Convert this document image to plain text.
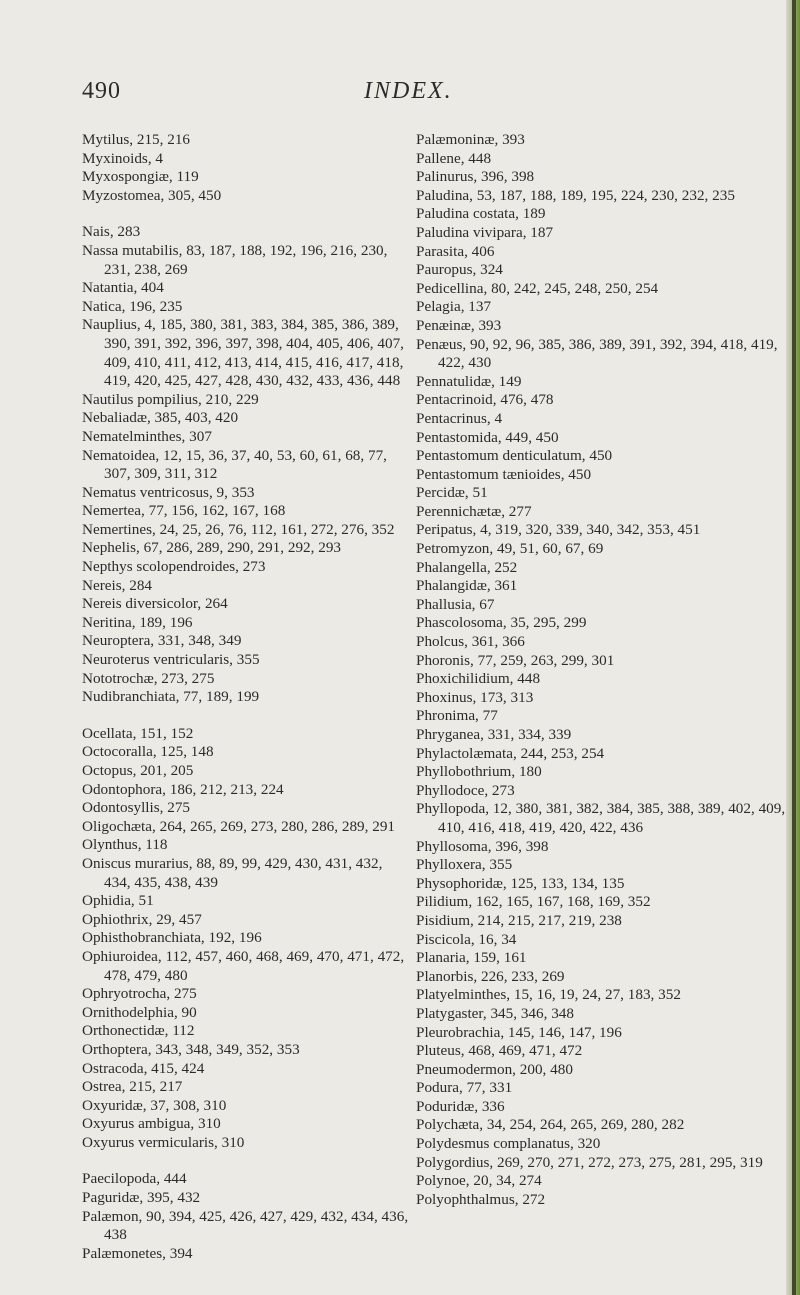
490	INDEX.
Mytilus, 215, 216
Myxinoids, 4
Myxospongiæ, 119
Myzostomea, 305, 450
Nais, 283
Nassa mutabilis, 83, 187, 188, 192, 196, 216, 230, 231, 238, 269
Natantia, 404
Natica, 196, 235
Nauplius, 4, 185, 380, 381, 383, 384, 385, 386, 389, 390, 391, 392, 396, 397, 398, 404, 405, 406, 407, 409, 410, 411, 412, 413, 414, 415, 416, 417, 418, 419, 420, 425, 427, 428, 430, 432, 433, 436, 448
Nautilus pompilius, 210, 229
Nebaliadæ, 385, 403, 420
Nematelminthes, 307
Nematoidea, 12, 15, 36, 37, 40, 53, 60, 61, 68, 77, 307, 309, 311, 312
Nematus ventricosus, 9, 353
Nemertea, 77, 156, 162, 167, 168
Nemertines, 24, 25, 26, 76, 112, 161, 272, 276, 352
Nephelis, 67, 286, 289, 290, 291, 292, 293
Nepthys scolopendroides, 273
Nereis, 284
Nereis diversicolor, 264
Neritina, 189, 196
Neuroptera, 331, 348, 349
Neuroterus ventricularis, 355
Nototrochæ, 273, 275
Nudibranchiata, 77, 189, 199
Ocellata, 151, 152
Octocoralla, 125, 148
Octopus, 201, 205
Odontophora, 186, 212, 213, 224
Odontosyllis, 275
Oligochæta, 264, 265, 269, 273, 280, 286, 289, 291
Olynthus, 118
Oniscus murarius, 88, 89, 99, 429, 430, 431, 432, 434, 435, 438, 439
Ophidia, 51
Ophiothrix, 29, 457
Ophisthobranchiata, 192, 196
Ophiuroidea, 112, 457, 460, 468, 469, 470, 471, 472, 478, 479, 480
Ophryotrocha, 275
Ornithodelphia, 90
Orthonectidæ, 112
Orthoptera, 343, 348, 349, 352, 353
Ostracoda, 415, 424
Ostrea, 215, 217
Oxyuridæ, 37, 308, 310
Oxyurus ambigua, 310
Oxyurus vermicularis, 310
Paecilopoda, 444
Paguridæ, 395, 432
Palæmon, 90, 394, 425, 426, 427, 429, 432, 434, 436, 438
Palæmonetes, 394
Palæmoninæ, 393
Pallene, 448
Palinurus, 396, 398
Paludina, 53, 187, 188, 189, 195, 224, 230, 232, 235
Paludina costata, 189
Paludina vivipara, 187
Parasita, 406
Pauropus, 324
Pedicellina, 80, 242, 245, 248, 250, 254
Pelagia, 137
Penæinæ, 393
Penæus, 90, 92, 96, 385, 386, 389, 391, 392, 394, 418, 419, 422, 430
Pennatulidæ, 149
Pentacrinoid, 476, 478
Pentacrinus, 4
Pentastomida, 449, 450
Pentastomum denticulatum, 450
Pentastomum tænioides, 450
Percidæ, 51
Perennichætæ, 277
Peripatus, 4, 319, 320, 339, 340, 342, 353, 451
Petromyzon, 49, 51, 60, 67, 69
Phalangella, 252
Phalangidæ, 361
Phallusia, 67
Phascolosoma, 35, 295, 299
Pholcus, 361, 366
Phoronis, 77, 259, 263, 299, 301
Phoxichilidium, 448
Phoxinus, 173, 313
Phronima, 77
Phryganea, 331, 334, 339
Phylactolæmata, 244, 253, 254
Phyllobothrium, 180
Phyllodoce, 273
Phyllopoda, 12, 380, 381, 382, 384, 385, 388, 389, 402, 409, 410, 416, 418, 419, 420, 422, 436
Phyllosoma, 396, 398
Phylloxera, 355
Physophoridæ, 125, 133, 134, 135
Pilidium, 162, 165, 167, 168, 169, 352
Pisidium, 214, 215, 217, 219, 238
Piscicola, 16, 34
Planaria, 159, 161
Planorbis, 226, 233, 269
Platyelminthes, 15, 16, 19, 24, 27, 183, 352
Platygaster, 345, 346, 348
Pleurobrachia, 145, 146, 147, 196
Pluteus, 468, 469, 471, 472
Pneumodermon, 200, 480
Podura, 77, 331
Poduridæ, 336
Polychæta, 34, 254, 264, 265, 269, 280, 282
Polydesmus complanatus, 320
Polygordius, 269, 270, 271, 272, 273, 275, 281, 295, 319
Polynoe, 20, 34, 274
Polyophthalmus, 272
